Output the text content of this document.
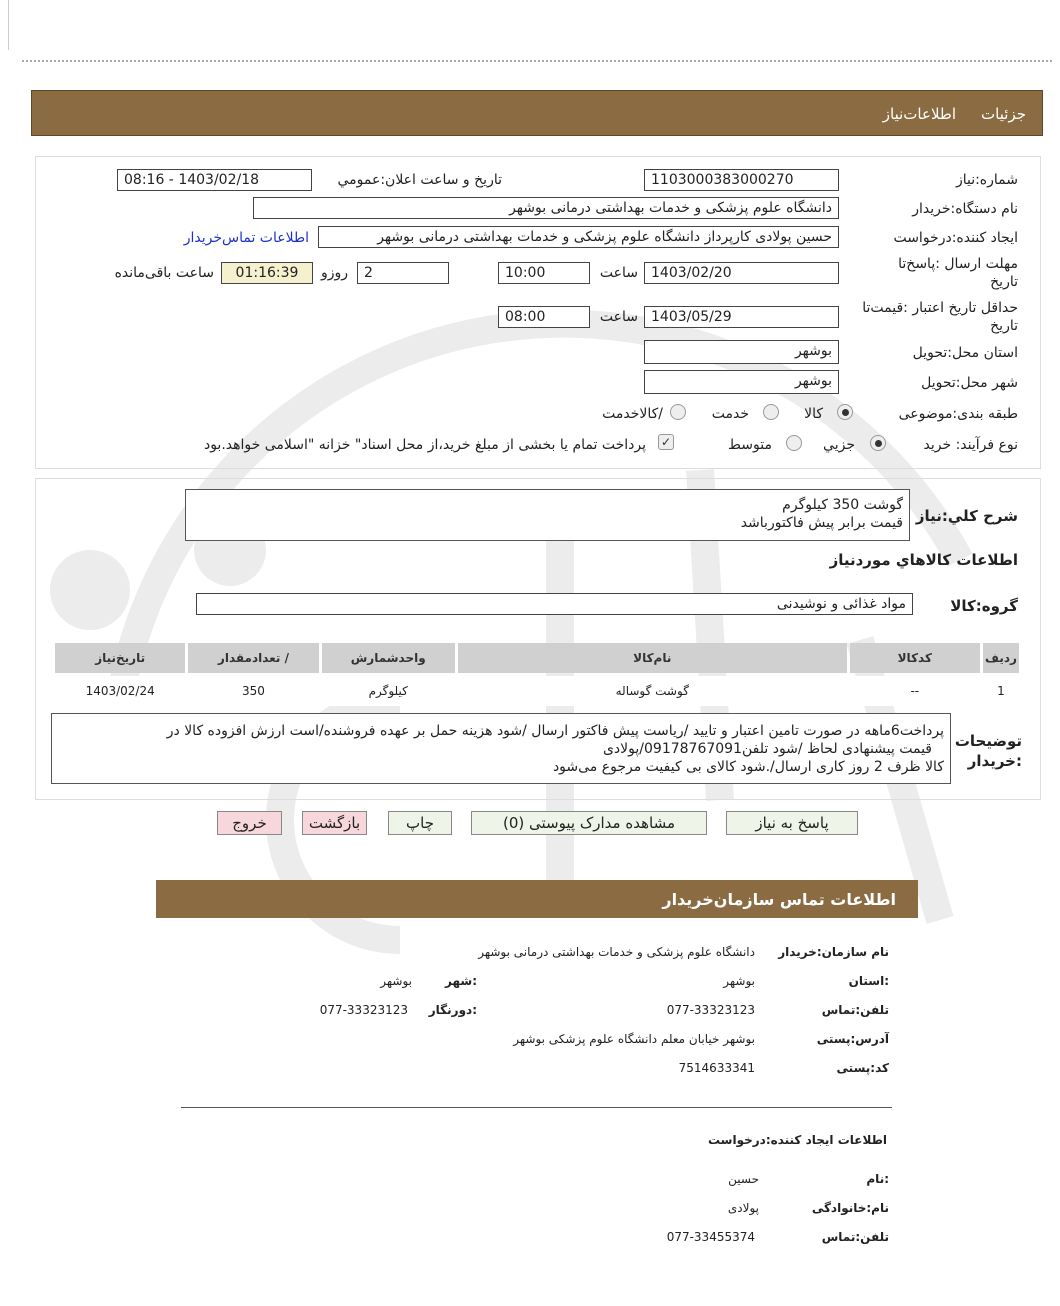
جزئیات
اطلاعات‌نیاز
شماره:نیاز
1103000383000270
تاریخ و ساعت اعلان:عمومي
1403/02/18 - 08:16
نام دستگاه:خریدار
دانشگاه علوم پزشکی و خدمات بهداشتی درمانی بوشهر
ایجاد کننده:درخواست
حسین پولادی کارپرداز دانشگاه علوم پزشکی و خدمات بهداشتی درمانی بوشهر
اطلاعات تماس‌خریدار
مهلت ارسال :پاسخ‌تا
تاریخ
1403/02/20
ساعت
10:00
2
روزو
01:16:39
ساعت باقی‌مانده
حداقل تاریخ اعتبار :قیمت‌تا
تاریخ
1403/05/29
ساعت
08:00
استان محل:تحویل
بوشهر
شهر محل:تحویل
بوشهر
طبقه بندی:موضوعی
کالا
خدمت
/کالاخدمت
نوع فرآیند: خرید
جزیي
متوسط
✓
پرداخت تمام یا بخشی از مبلغ خرید،از محل اسناد" خزانه "اسلامی خواهد.بود
شرح کلي:نیاز
گوشت 350 کیلوگرم
قیمت برابر پیش فاکتورباشد
اطلاعات کالاهاي موردنیاز
گروه:کالا
مواد غذائی و نوشیدنی
ردیف	کدکالا	نام‌کالا	واحدشمارش	/ تعدادمقدار	تاریخ‌نیاز
1	--	گوشت گوساله	کیلوگرم	350	1403/02/24
توضیحات
:خریدار
پرداخت6ماهه در صورت تامین اعتبار و تایید /ریاست پیش فاکتور ارسال /شود هزینه حمل بر عهده فروشنده/است ارزش افزوده کالا در
قیمت پیشنهادی لحاظ /شود تلفن09178767091/پولادی
کالا ظرف 2 روز کاری ارسال/.شود کالای بی کیفیت مرجوع می‌شود
پاسخ به نیاز
مشاهده مدارک پیوستی (0)
چاپ
بازگشت
خروج
اطلاعات تماس سازمان‌خریدار
نام سازمان:خریدار
دانشگاه علوم پزشکی و خدمات بهداشتی درمانی بوشهر
:استان
بوشهر
:شهر
بوشهر
تلفن:تماس
077-33323123
:دورنگار
077-33323123
آدرس:پستی
بوشهر خیابان معلم دانشگاه علوم پزشکی بوشهر
کد:پستی
7514633341
اطلاعات ایجاد کننده:درخواست
:نام
حسین
نام:خانوادگی
پولادی
تلفن:تماس
077-33455374
